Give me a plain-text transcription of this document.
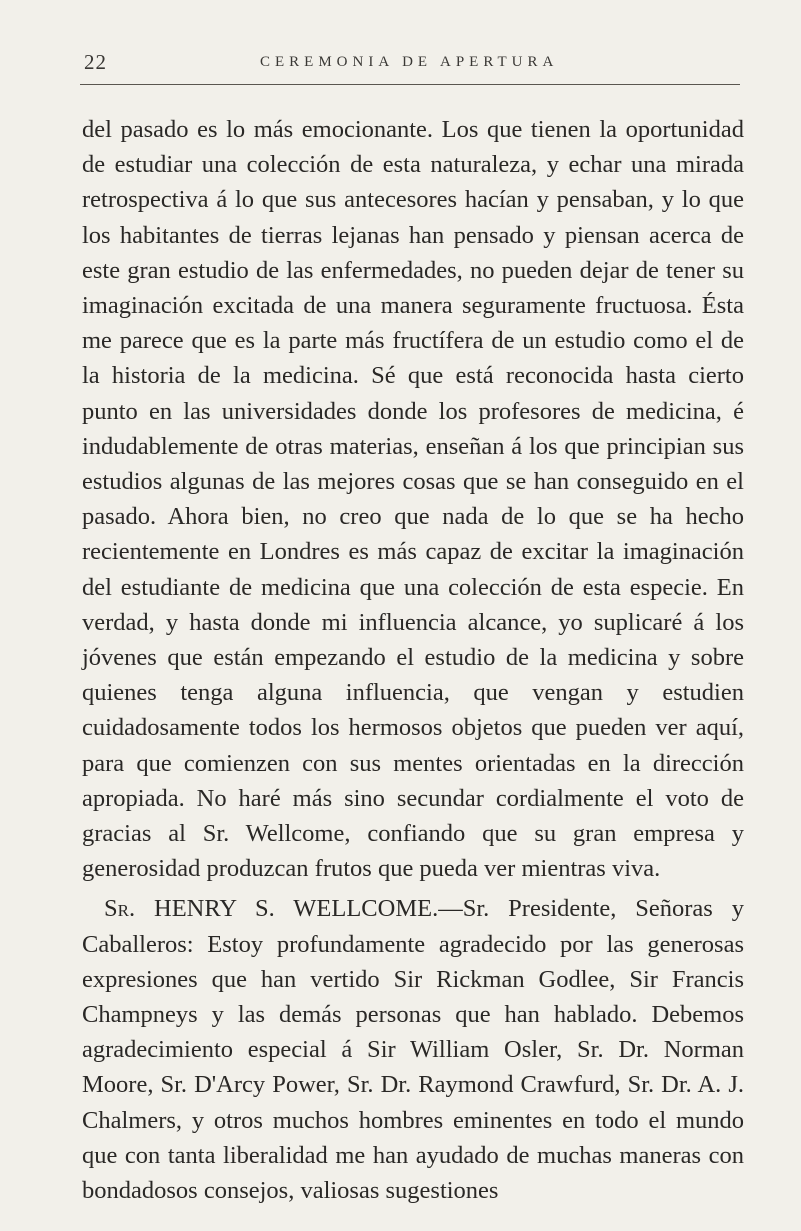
22	CEREMONIA DE APERTURA

del pasado es lo más emocionante. Los que tienen la oportunidad de estudiar una colección de esta naturaleza, y echar una mirada retrospectiva á lo que sus antecesores hacían y pensaban, y lo que los habitantes de tierras lejanas han pensado y piensan acerca de este gran estudio de las enfermedades, no pueden dejar de tener su imaginación excitada de una manera seguramente fructuosa. Ésta me parece que es la parte más fructífera de un estudio como el de la historia de la medicina. Sé que está reconocida hasta cierto punto en las universidades donde los profesores de medicina, é indudablemente de otras materias, enseñan á los que principian sus estudios algunas de las mejores cosas que se han conseguido en el pasado. Ahora bien, no creo que nada de lo que se ha hecho recientemente en Londres es más capaz de excitar la imaginación del estudiante de medicina que una colección de esta especie. En verdad, y hasta donde mi influencia alcance, yo suplicaré á los jóvenes que están empezando el estudio de la medicina y sobre quienes tenga alguna influencia, que vengan y estudien cuidadosamente todos los hermosos objetos que pueden ver aquí, para que comienzen con sus mentes orientadas en la dirección apropiada. No haré más sino secundar cordialmente el voto de gracias al Sr. Wellcome, confiando que su gran empresa y generosidad produzcan frutos que pueda ver mientras viva.

Sr. HENRY S. WELLCOME.—Sr. Presidente, Señoras y Caballeros: Estoy profundamente agradecido por las generosas expresiones que han vertido Sir Rickman Godlee, Sir Francis Champneys y las demás personas que han hablado. Debemos agradecimiento especial á Sir William Osler, Sr. Dr. Norman Moore, Sr. D'Arcy Power, Sr. Dr. Raymond Crawfurd, Sr. Dr. A. J. Chalmers, y otros muchos hombres eminentes en todo el mundo que con tanta liberalidad me han ayudado de muchas maneras con bondadosos consejos, valiosas sugestiones
